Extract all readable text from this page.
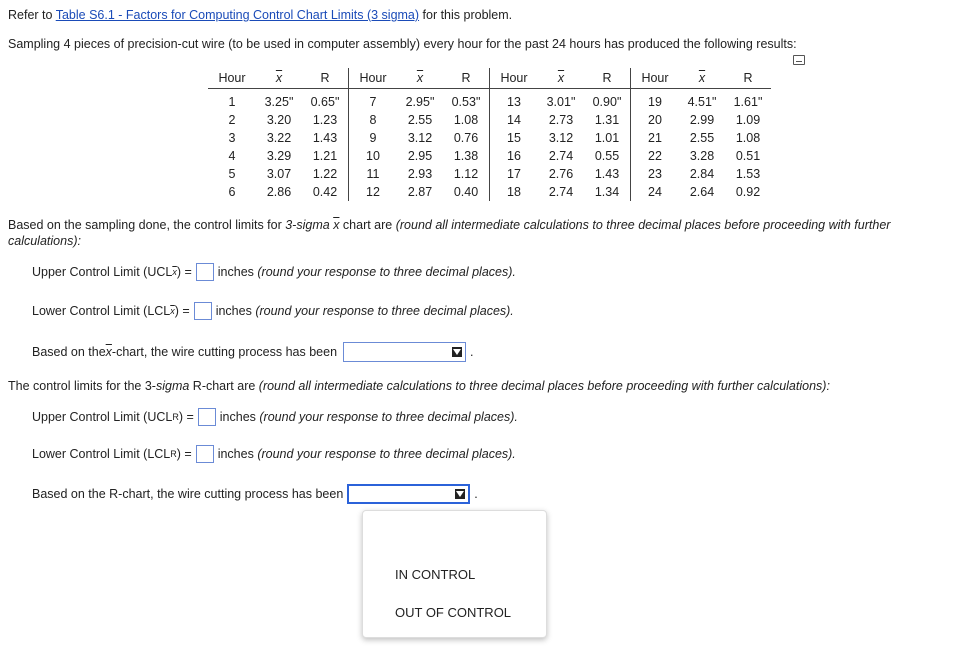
Refer to Table S6.1 - Factors for Computing Control Chart Limits (3 sigma) for this problem.
Sampling 4 pieces of precision-cut wire (to be used in computer assembly) every hour for the past 24 hours has produced the following results:
Hour	$\overline{x}$	R	Hour	$\overline{x}$	R	Hour	$\overline{x}$	R	Hour	$\overline{x}$	R
1	3.25"	0.65"	7	2.95"	0.53"	13	3.01"	0.90"	19	4.51"	1.61"
2	3.20	1.23	8	2.55	1.08	14	2.73	1.31	20	2.99	1.09
3	3.22	1.43	9	3.12	0.76	15	3.12	1.01	21	2.55	1.08
4	3.29	1.21	10	2.95	1.38	16	2.74	0.55	22	3.28	0.51
5	3.07	1.22	11	2.93	1.12	17	2.76	1.43	23	2.84	1.53
6	2.86	0.42	12	2.87	0.40	18	2.74	1.34	24	2.64	0.92
Based on the sampling done, the control limits for 3-sigma $\overline{x}$ chart are (round all intermediate calculations to three decimal places before proceeding with further
calculations):
Upper Control Limit (UCL $\overline{x}$ ) = inches
(round your response to three decimal places).
Lower Control Limit (LCL $\overline{x}$ ) = inches
(round your response to three decimal places).
Based on the $\overline{x}$ -chart, the wire cutting process has been	.
The control limits for the 3-sigma R-chart are (round all intermediate calculations to three decimal places before proceeding with further calculations):
Upper Control Limit (UCL R ) = inches
(round your response to three decimal places).
Lower Control Limit (LCL R ) = inches
(round your response to three decimal places).
Based on the R-chart, the wire cutting process has been	.
IN CONTROL
OUT OF CONTROL
